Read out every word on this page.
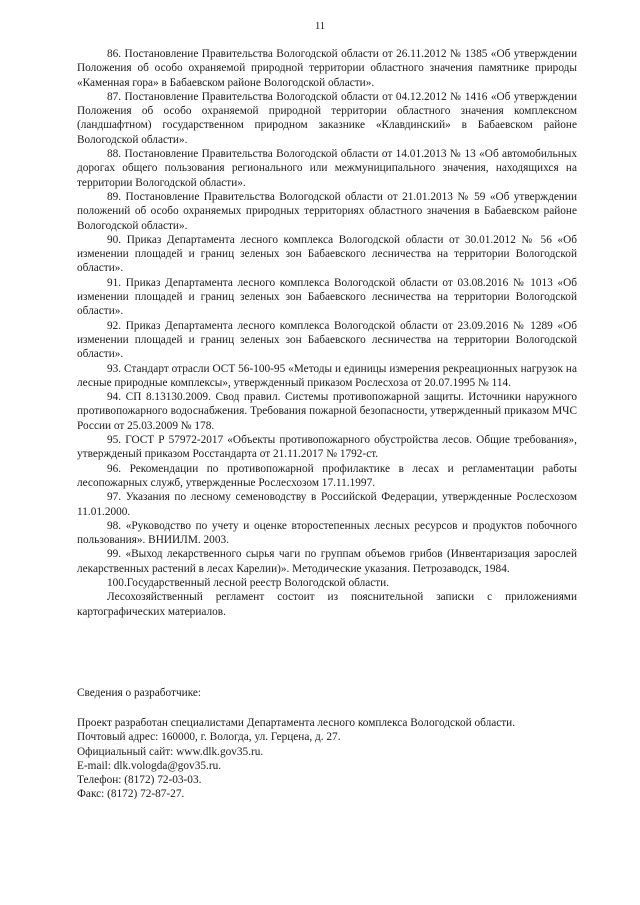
11

86. Постановление Правительства Вологодской области от 26.11.2012 № 1385 «Об утверждении Положения об особо охраняемой природной территории областного значения памятнике природы «Каменная гора» в Бабаевском районе Вологодской области».

87. Постановление Правительства Вологодской области от 04.12.2012 № 1416 «Об утверждении Положения об особо охраняемой природной территории областного значения комплексном (ландшафтном) государственном природном заказнике «Клавдинский» в Бабаевском районе Вологодской области».

88. Постановление Правительства Вологодской области от 14.01.2013 № 13 «Об автомобильных дорогах общего пользования регионального или межмуниципального значения, находящихся на территории Вологодской области».

89. Постановление Правительства Вологодской области от 21.01.2013 № 59 «Об утверждении положений об особо охраняемых природных территориях областного значения в Бабаевском районе Вологодской области».

90. Приказ Департамента лесного комплекса Вологодской области от 30.01.2012 № 56 «Об изменении площадей и границ зеленых зон Бабаевского лесничества на территории Вологодской области».

91. Приказ Департамента лесного комплекса Вологодской области от 03.08.2016 № 1013 «Об изменении площадей и границ зеленых зон Бабаевского лесничества на территории Вологодской области».

92. Приказ Департамента лесного комплекса Вологодской области от 23.09.2016 № 1289 «Об изменении площадей и границ зеленых зон Бабаевского лесничества на территории Вологодской области».

93. Стандарт отрасли ОСТ 56-100-95 «Методы и единицы измерения рекреационных нагрузок на лесные природные комплексы», утвержденный приказом Рослесхоза от 20.07.1995 № 114.

94. СП 8.13130.2009. Свод правил. Системы противопожарной защиты. Источники наружного противопожарного водоснабжения. Требования пожарной безопасности, утвержденный приказом МЧС России от 25.03.2009 № 178.

95. ГОСТ Р 57972-2017 «Объекты противопожарного обустройства лесов. Общие требования», утвержденый приказом Росстандарта от 21.11.2017 № 1792-ст.

96. Рекомендации по противопожарной профилактике в лесах и регламентации работы лесопожарных служб, утвержденные Рослесхозом 17.11.1997.

97. Указания по лесному семеноводству в Российской Федерации, утвержденные Рослесхозом 11.01.2000.

98. «Руководство по учету и оценке второстепенных лесных ресурсов и продуктов побочного пользования». ВНИИЛМ. 2003.

99. «Выход лекарственного сырья чаги по группам объемов грибов (Инвентаризация зарослей лекарственных растений в лесах Карелии)». Методические указания. Петрозаводск, 1984.

100.Государственный лесной реестр Вологодской области.

Лесохозяйственный регламент состоит из пояснительной записки с приложениями картографических материалов.

Сведения о разработчике:

Проект разработан специалистами Департамента лесного комплекса Вологодской области.

Почтовый адрес: 160000, г. Вологда, ул. Герцена, д. 27.

Официальный сайт: www.dlk.gov35.ru.

E-mail: dlk.vologda@gov35.ru.

Телефон: (8172) 72-03-03.

Факс: (8172) 72-87-27.
